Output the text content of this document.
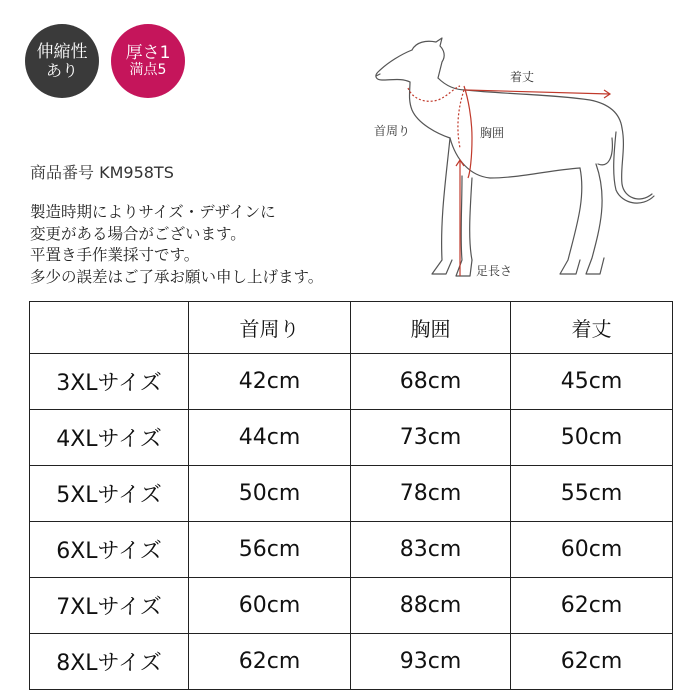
伸縮性
あり
厚さ1
満点5
商品番号 KM958TS
製造時期によりサイズ・デザインに
変更がある場合がございます。
平置き手作業採寸です。
多少の誤差はご了承お願い申し上げます。
着丈
首周り	胸囲
足長さ
	首周り	胸囲	着丈
3XLサイズ	42cm	68cm	45cm
4XLサイズ	44cm	73cm	50cm
5XLサイズ	50cm	78cm	55cm
6XLサイズ	56cm	83cm	60cm
7XLサイズ	60cm	88cm	62cm
8XLサイズ	62cm	93cm	62cm
